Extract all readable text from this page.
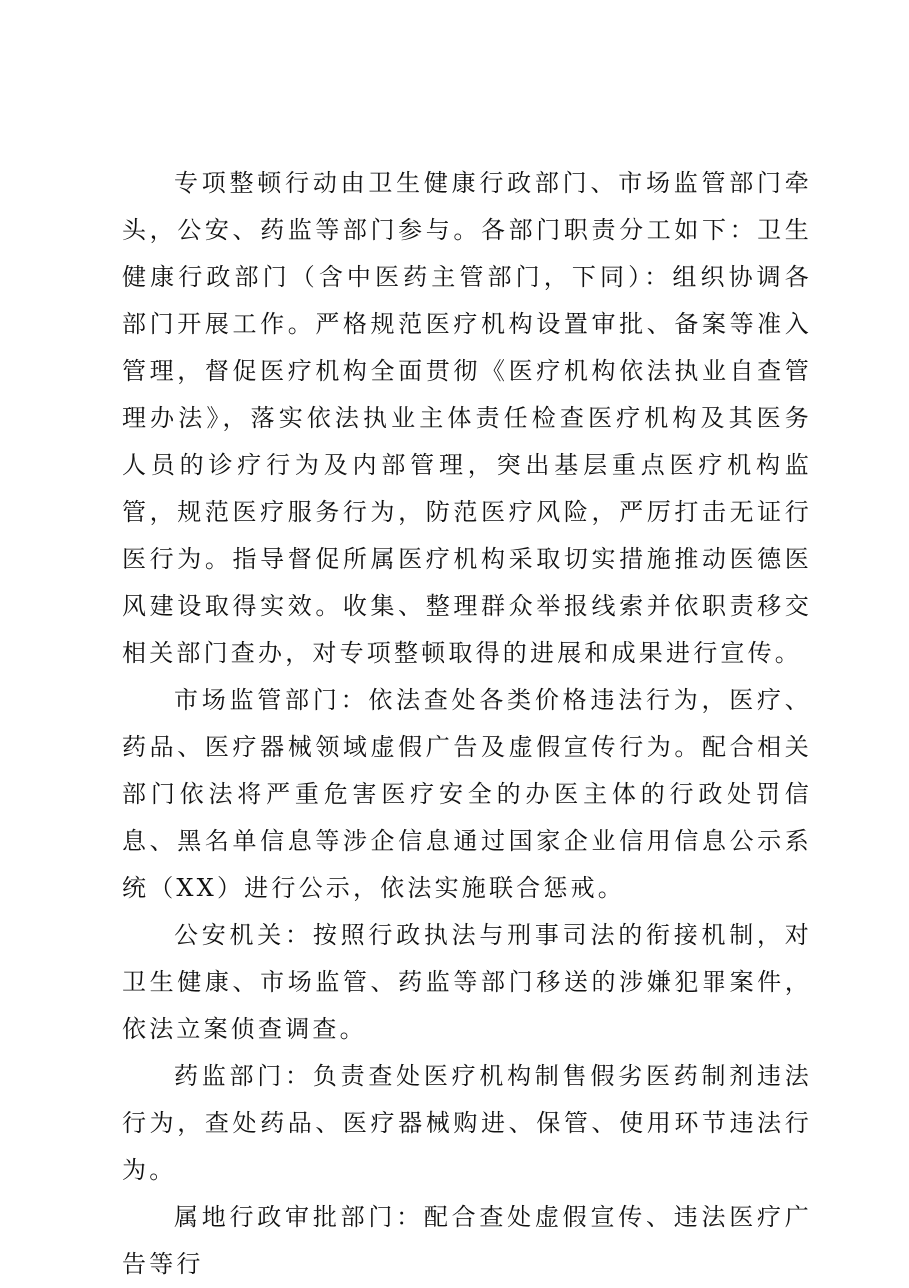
专项整顿行动由卫生健康行政部门、市场监管部门牵头，公安、药监等部门参与。各部门职责分工如下：卫生健康行政部门（含中医药主管部门，下同）：组织协调各部门开展工作。严格规范医疗机构设置审批、备案等准入管理，督促医疗机构全面贯彻《医疗机构依法执业自查管理办法》，落实依法执业主体责任检查医疗机构及其医务人员的诊疗行为及内部管理，突出基层重点医疗机构监管，规范医疗服务行为，防范医疗风险，严厉打击无证行医行为。指导督促所属医疗机构采取切实措施推动医德医风建设取得实效。收集、整理群众举报线索并依职责移交相关部门查办，对专项整顿取得的进展和成果进行宣传。

市场监管部门：依法查处各类价格违法行为，医疗、药品、医疗器械领域虚假广告及虚假宣传行为。配合相关部门依法将严重危害医疗安全的办医主体的行政处罚信息、黑名单信息等涉企信息通过国家企业信用信息公示系统（XX）进行公示，依法实施联合惩戒。

公安机关：按照行政执法与刑事司法的衔接机制，对卫生健康、市场监管、药监等部门移送的涉嫌犯罪案件，依法立案侦查调查。

药监部门：负责查处医疗机构制售假劣医药制剂违法行为，查处药品、医疗器械购进、保管、使用环节违法行为。

属地行政审批部门：配合查处虚假宣传、违法医疗广告等行
